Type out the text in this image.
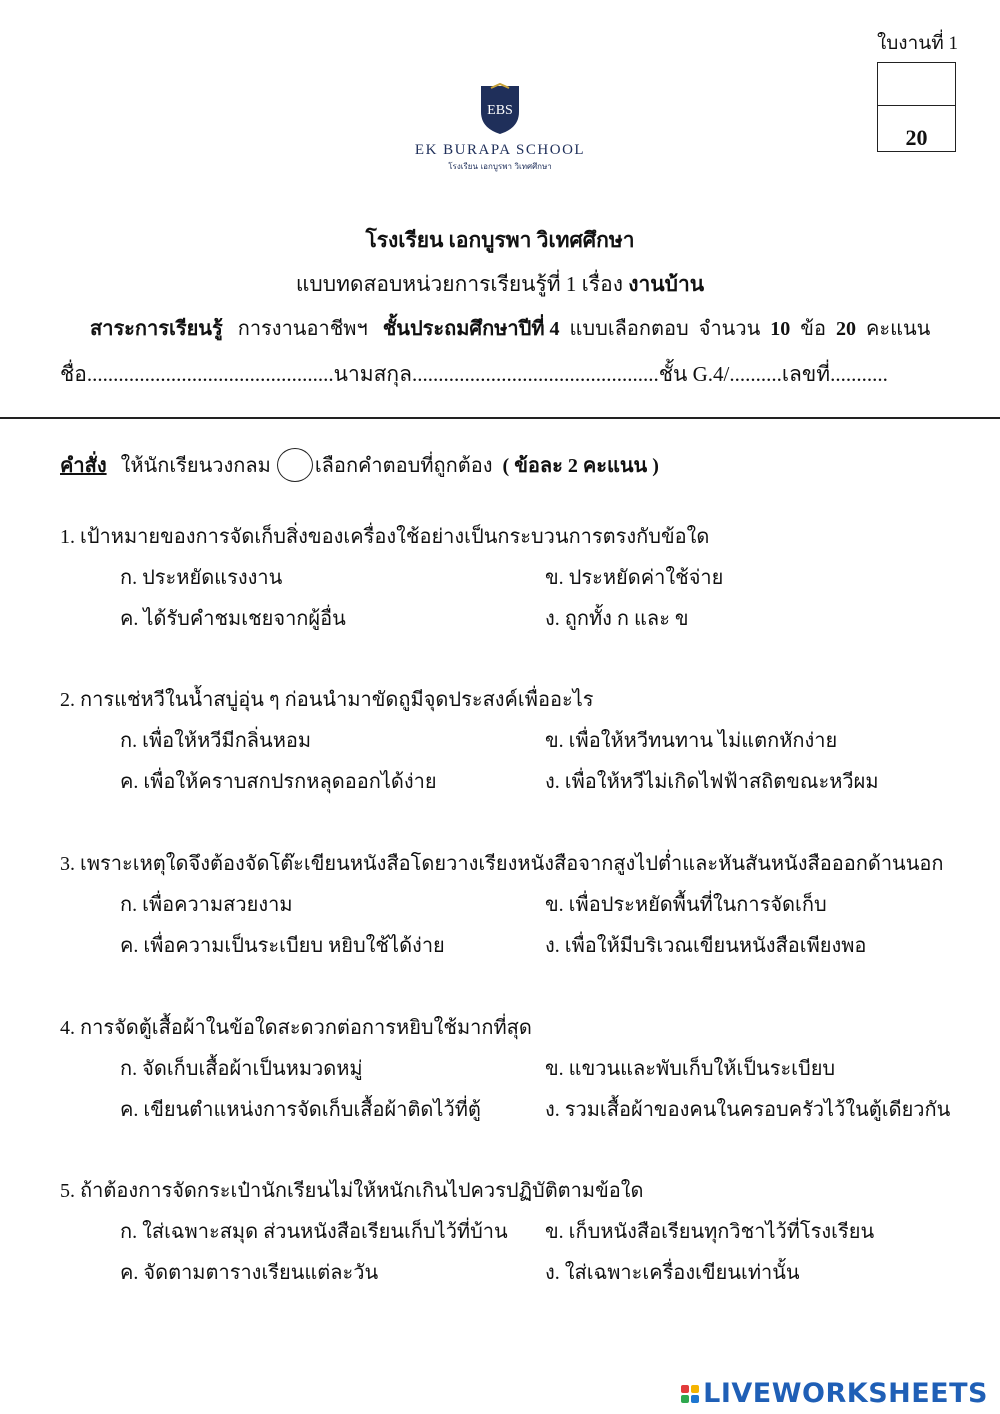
ใบงานที่ 1
20
EBS
EK BURAPA SCHOOL
โรงเรียน เอกบูรพา วิเทศศึกษา
โรงเรียน เอกบูรพา วิเทศศึกษา
แบบทดสอบหน่วยการเรียนรู้ที่ 1 เรื่อง งานบ้าน
สาระการเรียนรู้ การงานอาชีพฯ ชั้นประถมศึกษาปีที่ 4 แบบเลือกตอบ จำนวน 10 ข้อ 20 คะแนน
ชื่อ...............................................นามสกุล...............................................ชั้น G.4/..........เลขที่...........
คำสั่ง ให้นักเรียนวงกลม เลือกคำตอบที่ถูกต้อง
( ข้อละ 2 คะแนน )
1. เป้าหมายของการจัดเก็บสิ่งของเครื่องใช้อย่างเป็นกระบวนการตรงกับข้อใด
ก. ประหยัดแรงงาน	ข. ประหยัดค่าใช้จ่าย
ค. ได้รับคำชมเชยจากผู้อื่น	ง. ถูกทั้ง ก และ ข
2. การแช่หวีในน้ำสบู่อุ่น ๆ ก่อนนำมาขัดถูมีจุดประสงค์เพื่ออะไร
ก. เพื่อให้หวีมีกลิ่นหอม	ข. เพื่อให้หวีทนทาน ไม่แตกหักง่าย
ค. เพื่อให้คราบสกปรกหลุดออกได้ง่าย	ง. เพื่อให้หวีไม่เกิดไฟฟ้าสถิตขณะหวีผม
3. เพราะเหตุใดจึงต้องจัดโต๊ะเขียนหนังสือโดยวางเรียงหนังสือจากสูงไปต่ำและหันสันหนังสือออกด้านนอก
ก. เพื่อความสวยงาม	ข. เพื่อประหยัดพื้นที่ในการจัดเก็บ
ค. เพื่อความเป็นระเบียบ หยิบใช้ได้ง่าย	ง. เพื่อให้มีบริเวณเขียนหนังสือเพียงพอ
4. การจัดตู้เสื้อผ้าในข้อใดสะดวกต่อการหยิบใช้มากที่สุด
ก. จัดเก็บเสื้อผ้าเป็นหมวดหมู่	ข. แขวนและพับเก็บให้เป็นระเบียบ
ค. เขียนตำแหน่งการจัดเก็บเสื้อผ้าติดไว้ที่ตู้	ง. รวมเสื้อผ้าของคนในครอบครัวไว้ในตู้เดียวกัน
5. ถ้าต้องการจัดกระเป๋านักเรียนไม่ให้หนักเกินไปควรปฏิบัติตามข้อใด
ก. ใส่เฉพาะสมุด ส่วนหนังสือเรียนเก็บไว้ที่บ้าน ข. เก็บหนังสือเรียนทุกวิชาไว้ที่โรงเรียน
ค. จัดตามตารางเรียนแต่ละวัน	ง. ใส่เฉพาะเครื่องเขียนเท่านั้น
LIVEWORKSHEETS
